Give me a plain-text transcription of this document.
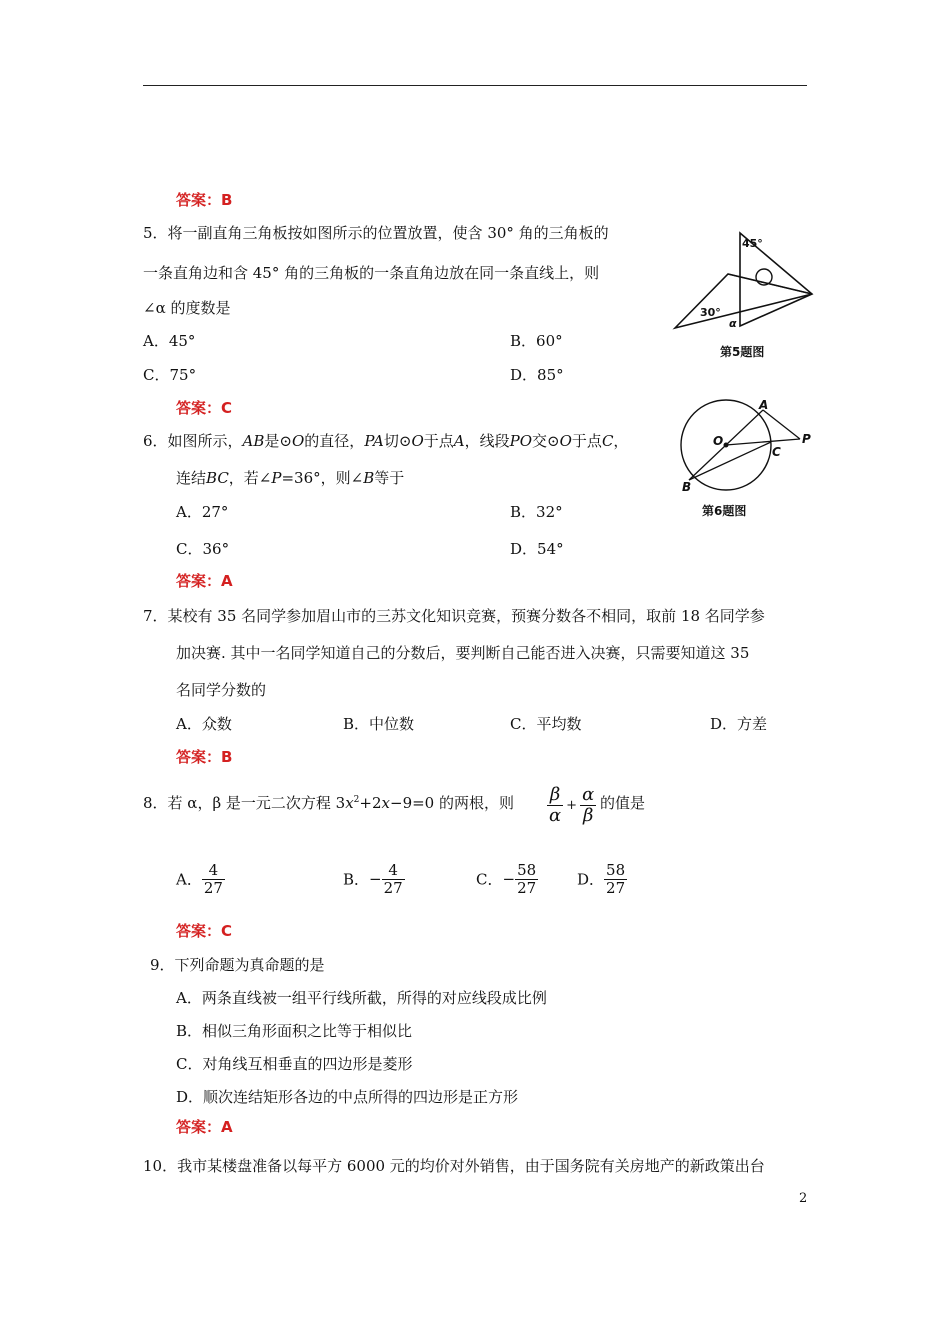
答案：B
5．将一副直角三角板按如图所示的位置放置，使含 30° 角的三角板的
一条直角边和含 45° 角的三角板的一条直角边放在同一条直线上，则
∠α 的度数是
A．45°	B．60°
C．75°	D．85°
45°
30°
α
第5题图
答案：C
6．如图所示，AB是⊙O的直径，PA切⊙O于点A，线段PO交⊙O于点C，
连结BC，若∠P=36°，则∠B等于
A．27°	B．32°
C．36°	D．54°
A
O	P
C
B
第6题图
答案：A
7．某校有 35 名同学参加眉山市的三苏文化知识竞赛，预赛分数各不相同，取前 18 名同学参
加决赛. 其中一名同学知道自己的分数后，要判断自己能否进入决赛，只需要知道这 35
名同学分数的
A．众数	B．中位数	C．平均数	D．方差
答案：B
8．若 α，β 是一元二次方程 $3x^2+2x-9=0$ 的两根，则 $\frac{\beta}{\alpha} + \frac{\alpha}{\beta}$ 的值是
A． $\frac{4}{27}$	B．− $\frac{4}{27}$	C．− $\frac{58}{27}$	D． $\frac{58}{27}$
答案：C
9．下列命题为真命题的是
A．两条直线被一组平行线所截，所得的对应线段成比例
B．相似三角形面积之比等于相似比
C．对角线互相垂直的四边形是菱形
D．顺次连结矩形各边的中点所得的四边形是正方形
答案：A
10．我市某楼盘准备以每平方 6000 元的均价对外销售，由于国务院有关房地产的新政策出台
2
